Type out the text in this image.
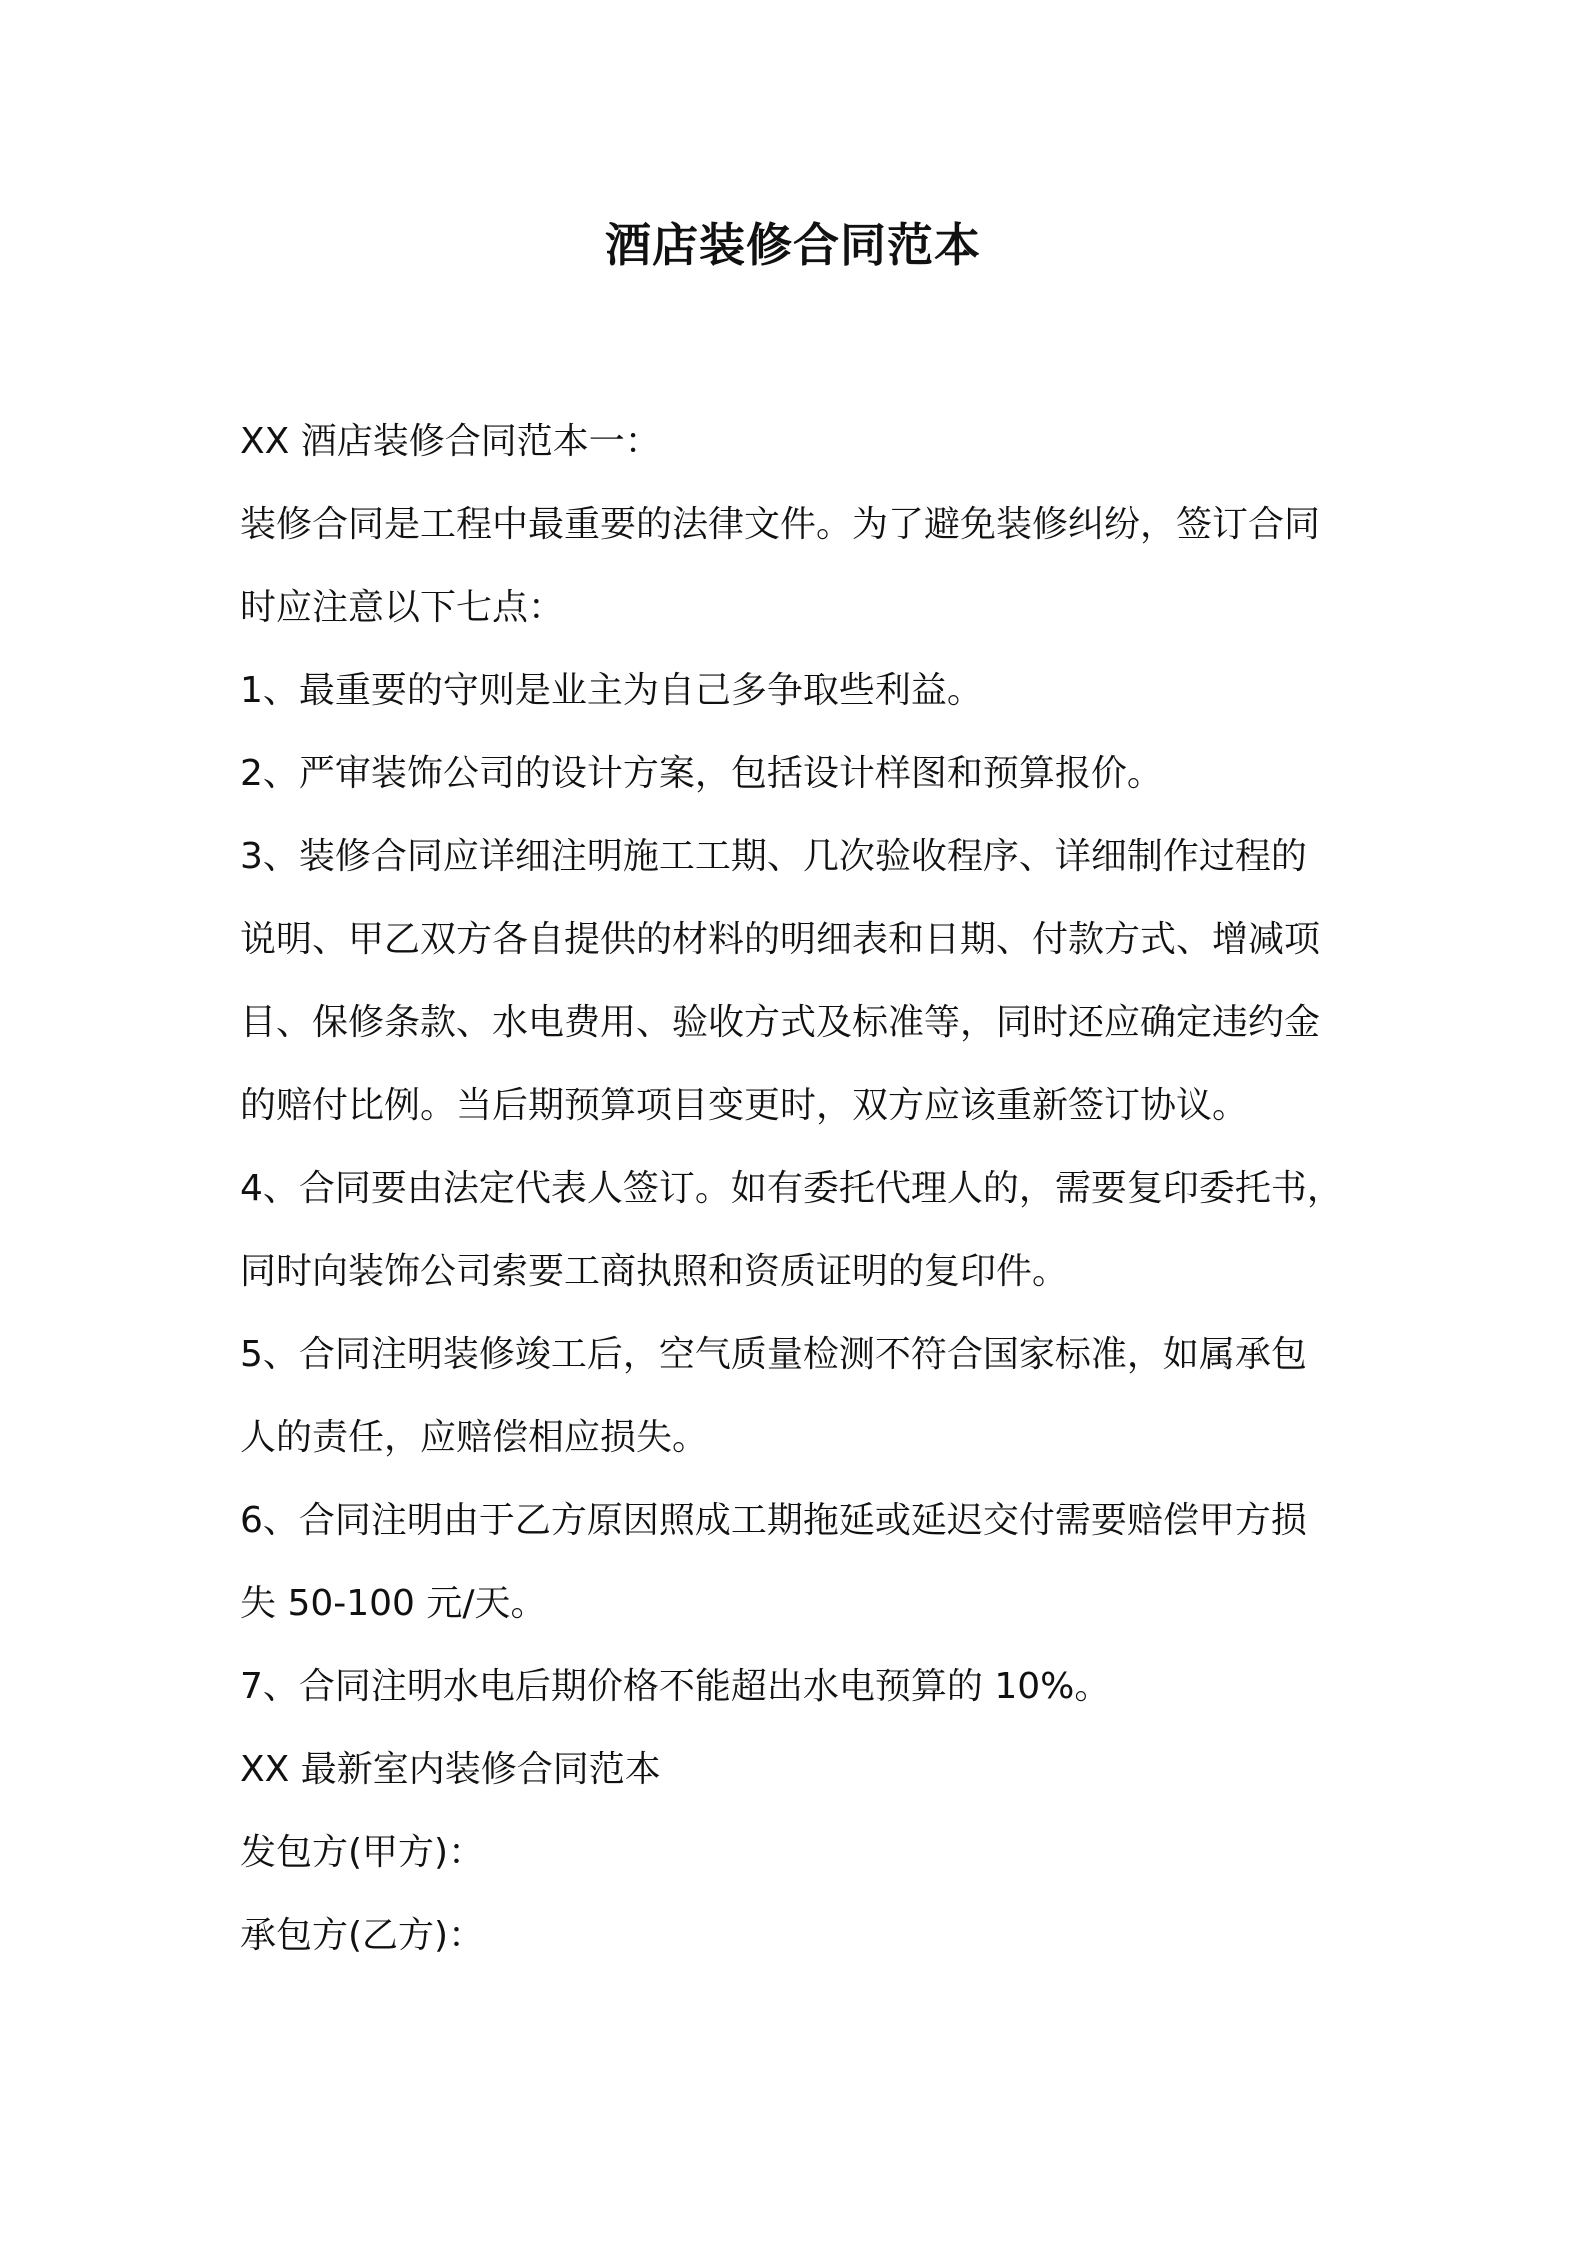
酒店装修合同范本
XX 酒店装修合同范本一：
装修合同是工程中最重要的法律文件。为了避免装修纠纷，签订合同
时应注意以下七点：
1、最重要的守则是业主为自己多争取些利益。
2、严审装饰公司的设计方案，包括设计样图和预算报价。
3、装修合同应详细注明施工工期、几次验收程序、详细制作过程的
说明、甲乙双方各自提供的材料的明细表和日期、付款方式、增减项
目、保修条款、水电费用、验收方式及标准等，同时还应确定违约金
的赔付比例。当后期预算项目变更时，双方应该重新签订协议。
4、合同要由法定代表人签订。如有委托代理人的，需要复印委托书，
同时向装饰公司索要工商执照和资质证明的复印件。
5、合同注明装修竣工后，空气质量检测不符合国家标准，如属承包
人的责任，应赔偿相应损失。
6、合同注明由于乙方原因照成工期拖延或延迟交付需要赔偿甲方损
失 50-100 元/天。
7、合同注明水电后期价格不能超出水电预算的 10%。
XX 最新室内装修合同范本
发包方(甲方)：
承包方(乙方)：
